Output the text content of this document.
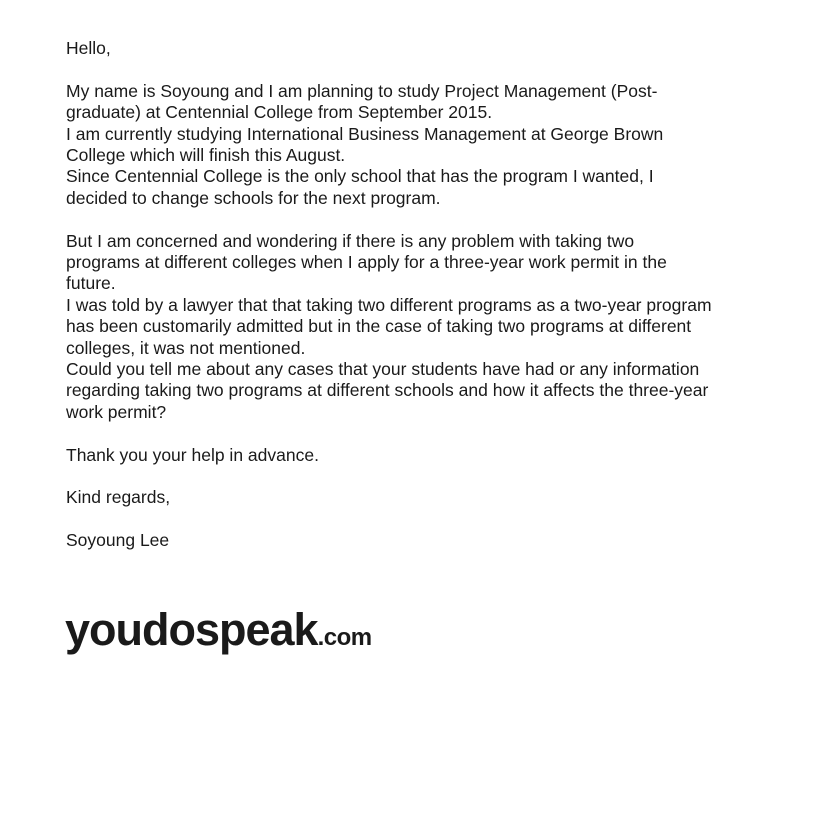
Hello,
My name is Soyoung and I am planning to study Project Management (Post-
graduate) at Centennial College from September 2015.
I am currently studying International Business Management at George Brown
College which will finish this August.
Since Centennial College is the only school that has the program I wanted, I
decided to change schools for the next program.
But I am concerned and wondering if there is any problem with taking two
programs at different colleges when I apply for a three-year work permit in the
future.
I was told by a lawyer that that taking two different programs as a two-year program
has been customarily admitted but in the case of taking two programs at different
colleges, it was not mentioned.
Could you tell me about any cases that your students have had or any information
regarding taking two programs at different schools and how it affects the three-year
work permit?
Thank you your help in advance.
Kind regards,
Soyoung Lee
youdospeak.com
